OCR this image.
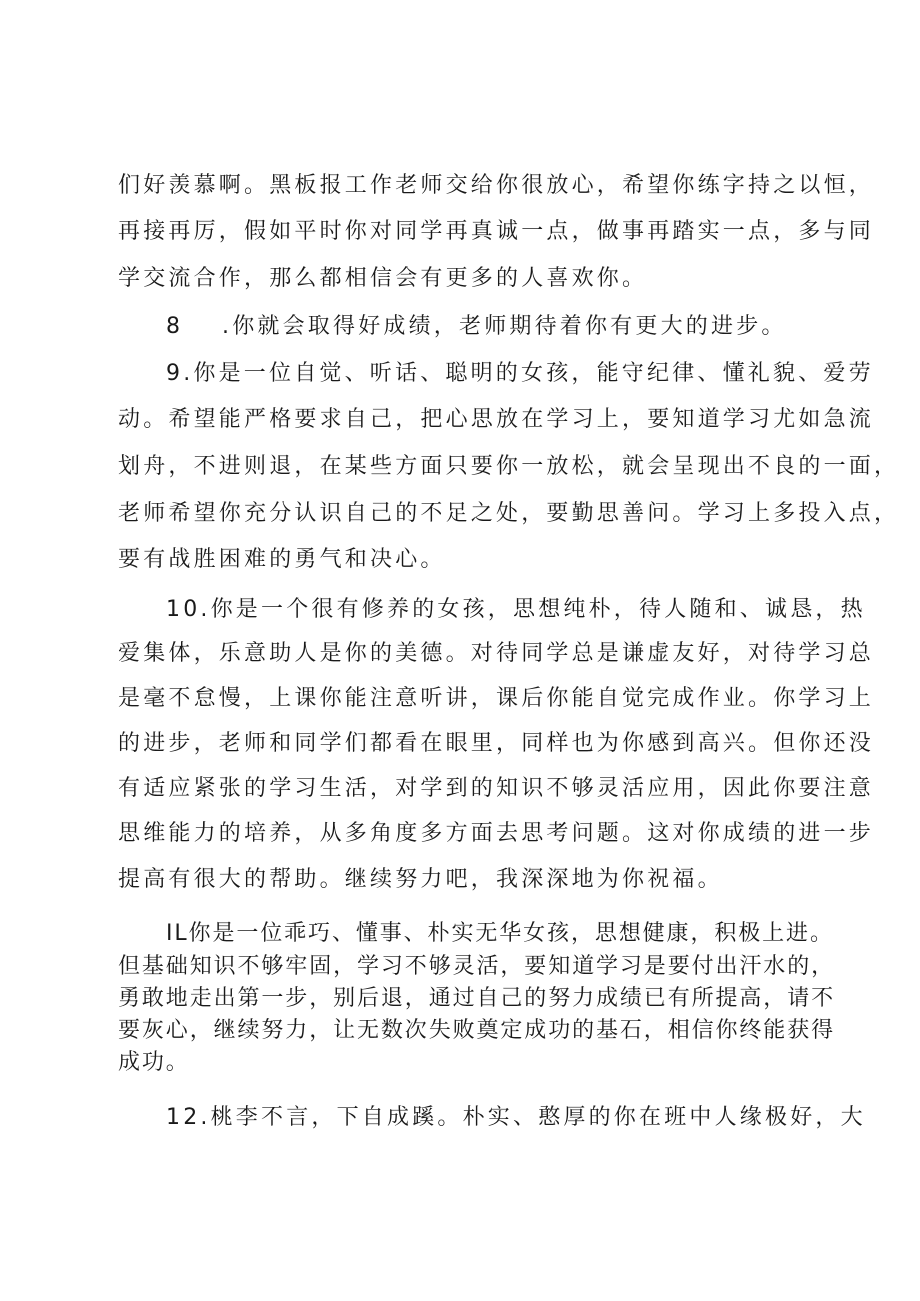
们好羡慕啊。黑板报工作老师交给你很放心，希望你练字持之以恒，

再接再厉，假如平时你对同学再真诚一点，做事再踏实一点，多与同

学交流合作，那么都相信会有更多的人喜欢你。

8 .你就会取得好成绩，老师期待着你有更大的进步。

9.你是一位自觉、听话、聪明的女孩，能守纪律、懂礼貌、爱劳

动。希望能严格要求自己，把心思放在学习上，要知道学习尤如急流

划舟，不进则退，在某些方面只要你一放松，就会呈现出不良的一面，

老师希望你充分认识自己的不足之处，要勤思善问。学习上多投入点，

要有战胜困难的勇气和决心。

10.你是一个很有修养的女孩，思想纯朴，待人随和、诚恳，热

爱集体，乐意助人是你的美德。对待同学总是谦虚友好，对待学习总

是毫不怠慢，上课你能注意听讲，课后你能自觉完成作业。你学习上

的进步，老师和同学们都看在眼里，同样也为你感到高兴。但你还没

有适应紧张的学习生活，对学到的知识不够灵活应用，因此你要注意

思维能力的培养，从多角度多方面去思考问题。这对你成绩的进一步

提高有很大的帮助。继续努力吧，我深深地为你祝福。

IL你是一位乖巧、懂事、朴实无华女孩，思想健康，积极上进。

但基础知识不够牢固，学习不够灵活，要知道学习是要付出汗水的，

勇敢地走出第一步，别后退，通过自己的努力成绩已有所提高，请不

要灰心，继续努力，让无数次失败奠定成功的基石，相信你终能获得

成功。

12.桃李不言，下自成蹊。朴实、憨厚的你在班中人缘极好，大
